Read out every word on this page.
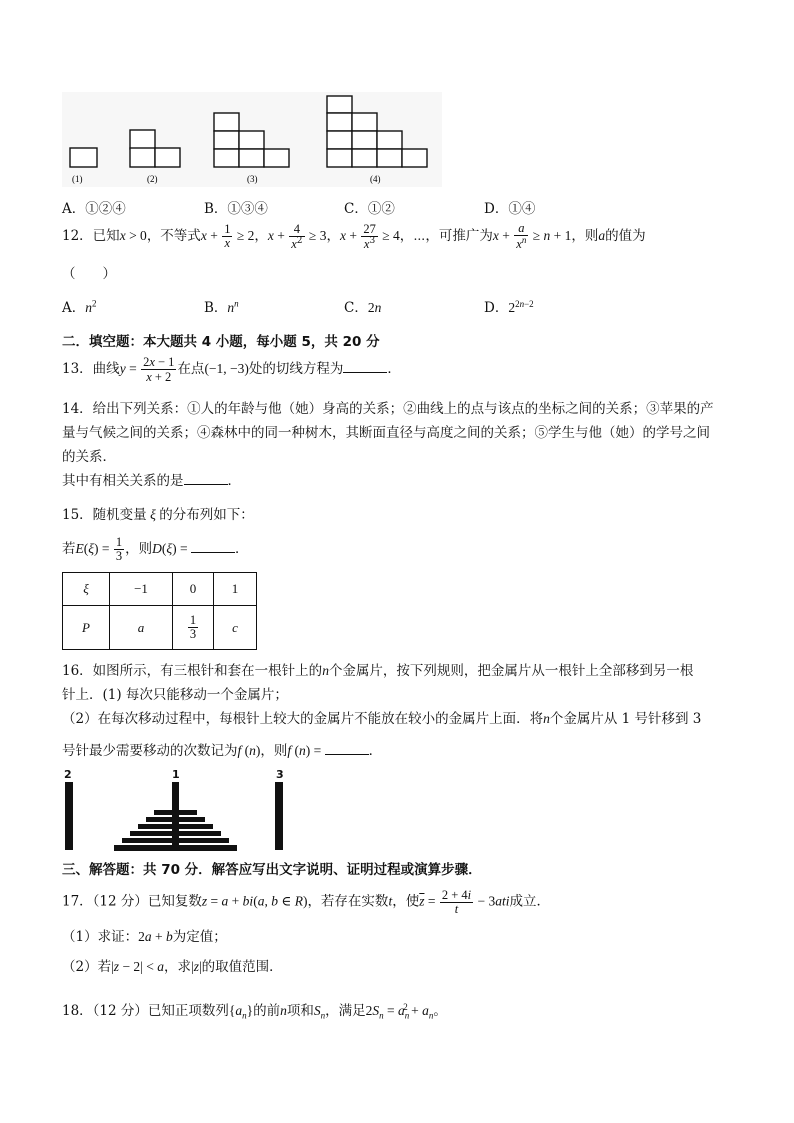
(1)	(2)	(3)	(4)
A．①②④	B．①③④	C．①②	D．①④
12．已知x > 0，不等式$x + \frac{1}{x} \ge 2$，$x + \frac{4}{x^2} \ge 3$，$x + \frac{27}{x^3} \ge 4$，⋯，可推广为$x + \frac{a}{x^n} \ge n + 1$，则a的值为
（　　）
A．$n^2$	B．$n^n$	C．2n	D．$2^{2n-2}$
二．填空题：本大题共 4 小题，每小题 5，共 20 分
13．曲线$y = \frac{2x - 1}{x + 2}$ 在点(−1, −3)处的切线方程为	．
14．给出下列关系：①人的年龄与他（她）身高的关系；②曲线上的点与该点的坐标之间的关系；③苹果的产
量与气候之间的关系；④森林中的同一种树木，其断面直径与高度之间的关系；⑤学生与他（她）的学号之间
的关系．
其中有相关关系的是	．
15．随机变量 ξ 的分布列如下：
若$E(\xi) = \frac{1}{3}$ ，则D(ξ) =	．
ξ	−1	0	1
P	a	$\frac{1}{3}$	c
16．如图所示，有三根针和套在一根针上的n个金属片，按下列规则，把金属片从一根针上全部移到另一根
针上．(1) 每次只能移动一个金属片；
（2）在每次移动过程中，每根针上较大的金属片不能放在较小的金属片上面．将n个金属片从 1 号针移到 3
号针最少需要移动的次数记为f (n)，则f (n) =	．
2	1	3
三、解答题：共 70 分．解答应写出文字说明、证明过程或演算步骤．
17．（12 分）已知复数z = a + bi(a, b ∈ R)，若存在实数t，使$\overline{z} = \frac{2 + 4i}{t} - 3ati$成立．
（1）求证：2a + b为定值；
（2）若|z − 2| < a，求|z|的取值范围．
18．（12 分）已知正项数列$\{a_n\}$的前n项和$S_n$，满足$2S_n = a_n^2 + a_n$。
